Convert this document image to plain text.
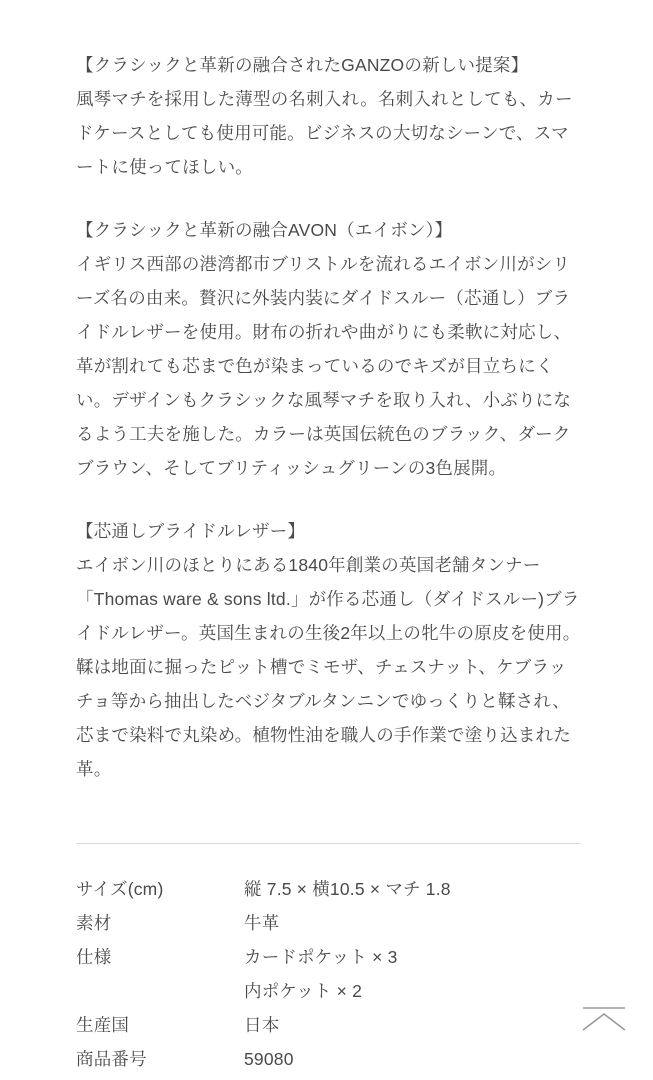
【クラシックと革新の融合されたGANZOの新しい提案】

風琴マチを採用した薄型の名刺入れ。名刺入れとしても、カードケースとしても使用可能。ビジネスの大切なシーンで、スマートに使ってほしい。

【クラシックと革新の融合AVON（エイボン）】

イギリス西部の港湾都市ブリストルを流れるエイボン川がシリーズ名の由来。贅沢に外装内装にダイドスルー（芯通し）ブライドルレザーを使用。財布の折れや曲がりにも柔軟に対応し、革が割れても芯まで色が染まっているのでキズが目立ちにくい。デザインもクラシックな風琴マチを取り入れ、小ぶりになるよう工夫を施した。カラーは英国伝統色のブラック、ダークブラウン、そしてブリティッシュグリーンの3色展開。

【芯通しブライドルレザー】

エイボン川のほとりにある1840年創業の英国老舗タンナー「Thomas ware & sons ltd.」が作る芯通し（ダイドスルー)ブライドルレザー。英国生まれの生後2年以上の牝牛の原皮を使用。鞣は地面に掘ったピット槽でミモザ、チェスナット、ケブラッチョ等から抽出したベジタブルタンニンでゆっくりと鞣され、芯まで染料で丸染め。植物性油を職人の手作業で塗り込まれた革。

サイズ(cm)	縦 7.5 × 横10.5 × マチ 1.8
素材	牛革
仕様	カードポケット × 3
内ポケット × 2

生産国	日本
商品番号	59080
